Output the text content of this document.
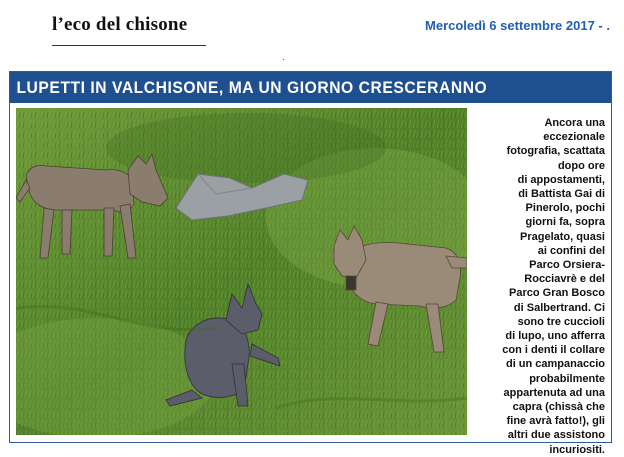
l’eco del chisone	Mercoledì 6 settembre 2017 - .
.
LUPETTI IN VALCHISONE, MA UN GIORNO CRESCERANNO
Ancora una
eccezionale
fotografia, scattata
dopo ore
di appostamenti,
di Battista Gai di
Pinerolo, pochi
giorni fa, sopra
Pragelato, quasi
ai confini del
Parco Orsiera-
Rocciavrè e del
Parco Gran Bosco
di Salbertrand. Ci
sono tre cuccioli
di lupo, uno afferra
con i denti il collare
di un campanaccio
probabilmente
appartenuta ad una
capra (chissà che
fine avrà fatto!), gli
altri due assistono
incuriositi.
